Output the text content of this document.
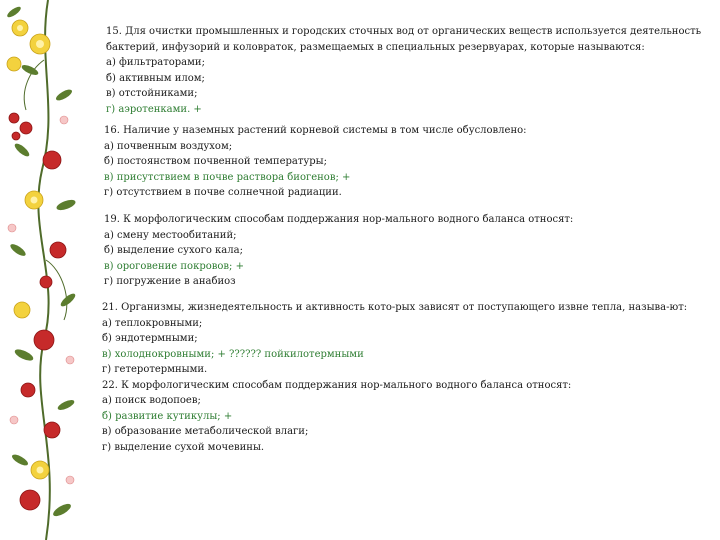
15. Для очистки промышленных и городских сточных вод от органических веществ используется деятельность
бактерий, инфузорий и коловраток, размещаемых в специальных резервуарах, которые называются:
а) фильтраторами;
б) активным илом;
в) отстойниками;
г) аэротенками. +
16. Наличие у наземных растений корневой системы в том числе обусловлено:
а) почвенным воздухом;
б) постоянством почвенной температуры;
в) присутствием в почве раствора биогенов; +
г) отсутствием в почве солнечной радиации.
19. К морфологическим способам поддержания нор-мального водного баланса относят:
а) смену местообитаний;
б) выделение сухого кала;
в) ороговение покровов; +
г) погружение в анабиоз
21. Организмы, жизнедеятельность и активность кото-рых зависят от поступающего извне тепла, называ-ют:
а) теплокровными;
б) эндотермными;
в) холоднокровными; + ?????? пойкилотермными
г) гетеротермными.
22. К морфологическим способам поддержания нор-мального водного баланса относят:
а) поиск водопоев;
б) развитие кутикулы; +
в) образование метаболической влаги;
г) выделение сухой мочевины.
